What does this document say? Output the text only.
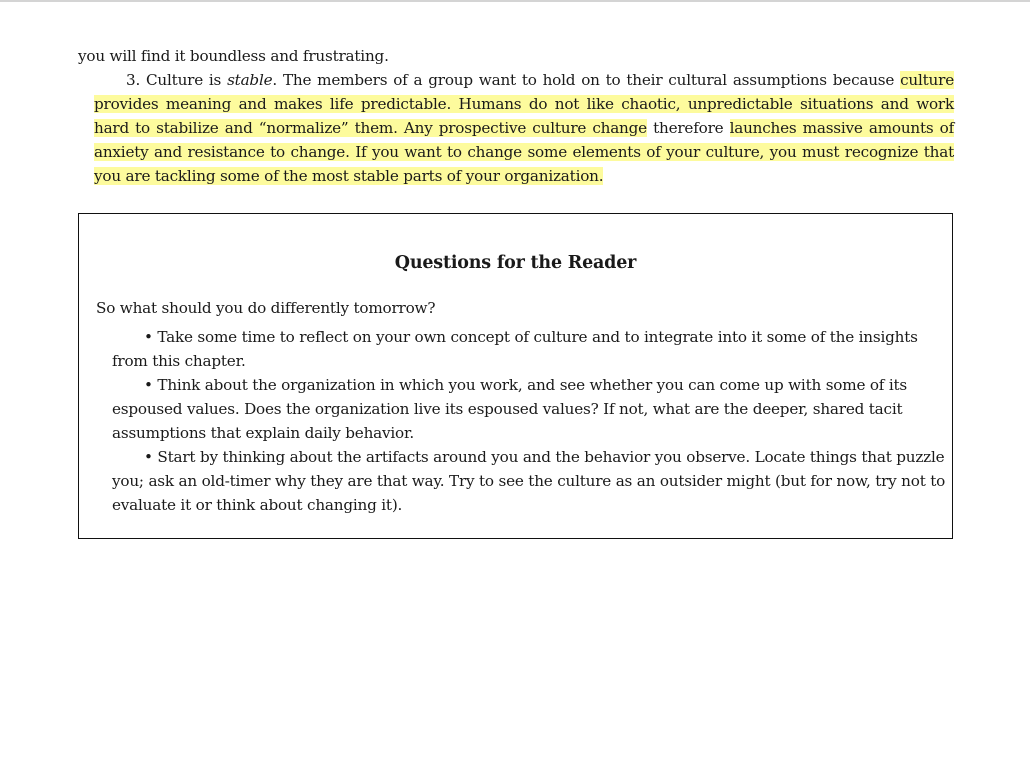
you will find it boundless and frustrating.

3. Culture is stable. The members of a group want to hold on to their cultural assumptions because culture provides meaning and makes life predictable. Humans do not like chaotic, unpredictable situations and work hard to stabilize and “normalize” them. Any prospective culture change therefore launches massive amounts of anxiety and resistance to change. If you want to change some elements of your culture, you must recognize that you are tackling some of the most stable parts of your organization.

Questions for the Reader

So what should you do differently tomorrow?

• Take some time to reflect on your own concept of culture and to integrate into it some of the insights from this chapter.
• Think about the organization in which you work, and see whether you can come up with some of its espoused values. Does the organization live its espoused values? If not, what are the deeper, shared tacit assumptions that explain daily behavior.
• Start by thinking about the artifacts around you and the behavior you observe. Locate things that puzzle you; ask an old-timer why they are that way. Try to see the culture as an outsider might (but for now, try not to evaluate it or think about changing it).
